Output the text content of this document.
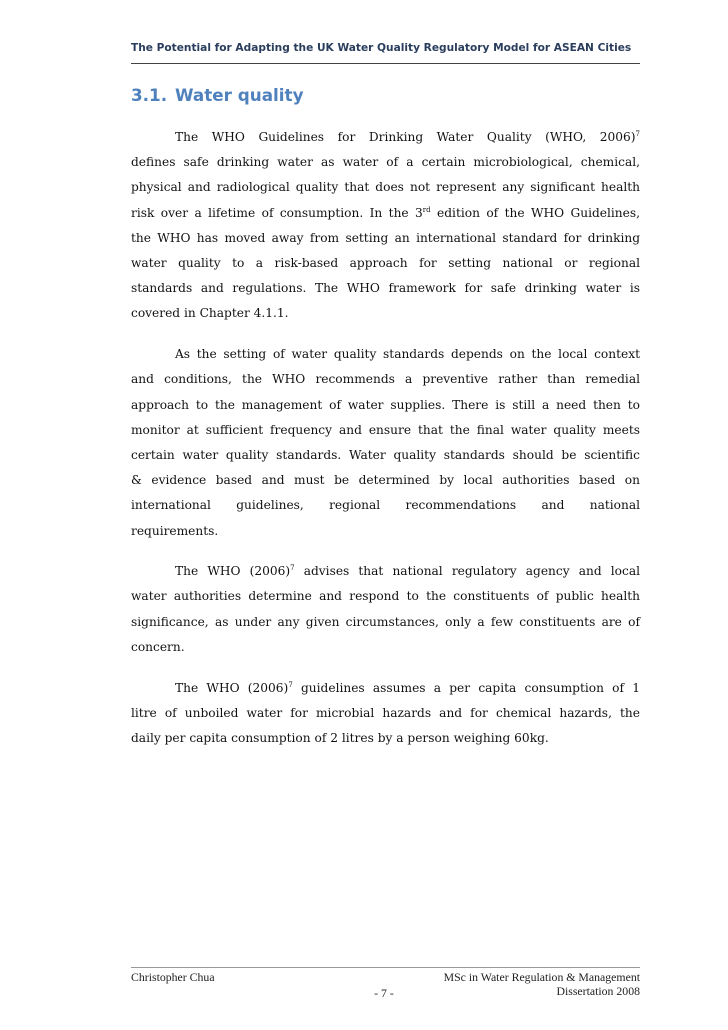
The Potential for Adapting the UK Water Quality Regulatory Model for ASEAN Cities
3.1. Water quality
The WHO Guidelines for Drinking Water Quality (WHO, 2006)$^7$
defines safe drinking water as water of a certain microbiological, chemical,
physical and radiological quality that does not represent any significant health
risk over a lifetime of consumption. In the 3rd edition of the WHO Guidelines,
the WHO has moved away from setting an international standard for drinking
water quality to a risk-based approach for setting national or regional
standards and regulations. The WHO framework for safe drinking water is
covered in Chapter 4.1.1.
As the setting of water quality standards depends on the local context
and conditions, the WHO recommends a preventive rather than remedial
approach to the management of water supplies. There is still a need then to
monitor at sufficient frequency and ensure that the final water quality meets
certain water quality standards. Water quality standards should be scientific
& evidence based and must be determined by local authorities based on
international guidelines, regional recommendations and national
requirements.
The WHO $(2006)^7$ advises that national regulatory agency and local
water authorities determine and respond to the constituents of public health
significance, as under any given circumstances, only a few constituents are of
concern.
The WHO $(2006)^7$ guidelines assumes a per capita consumption of 1
litre of unboiled water for microbial hazards and for chemical hazards, the
daily per capita consumption of 2 litres by a person weighing 60kg.
Christopher Chua	MSc in Water Regulation & Management
Dissertation 2008
- 7 -
